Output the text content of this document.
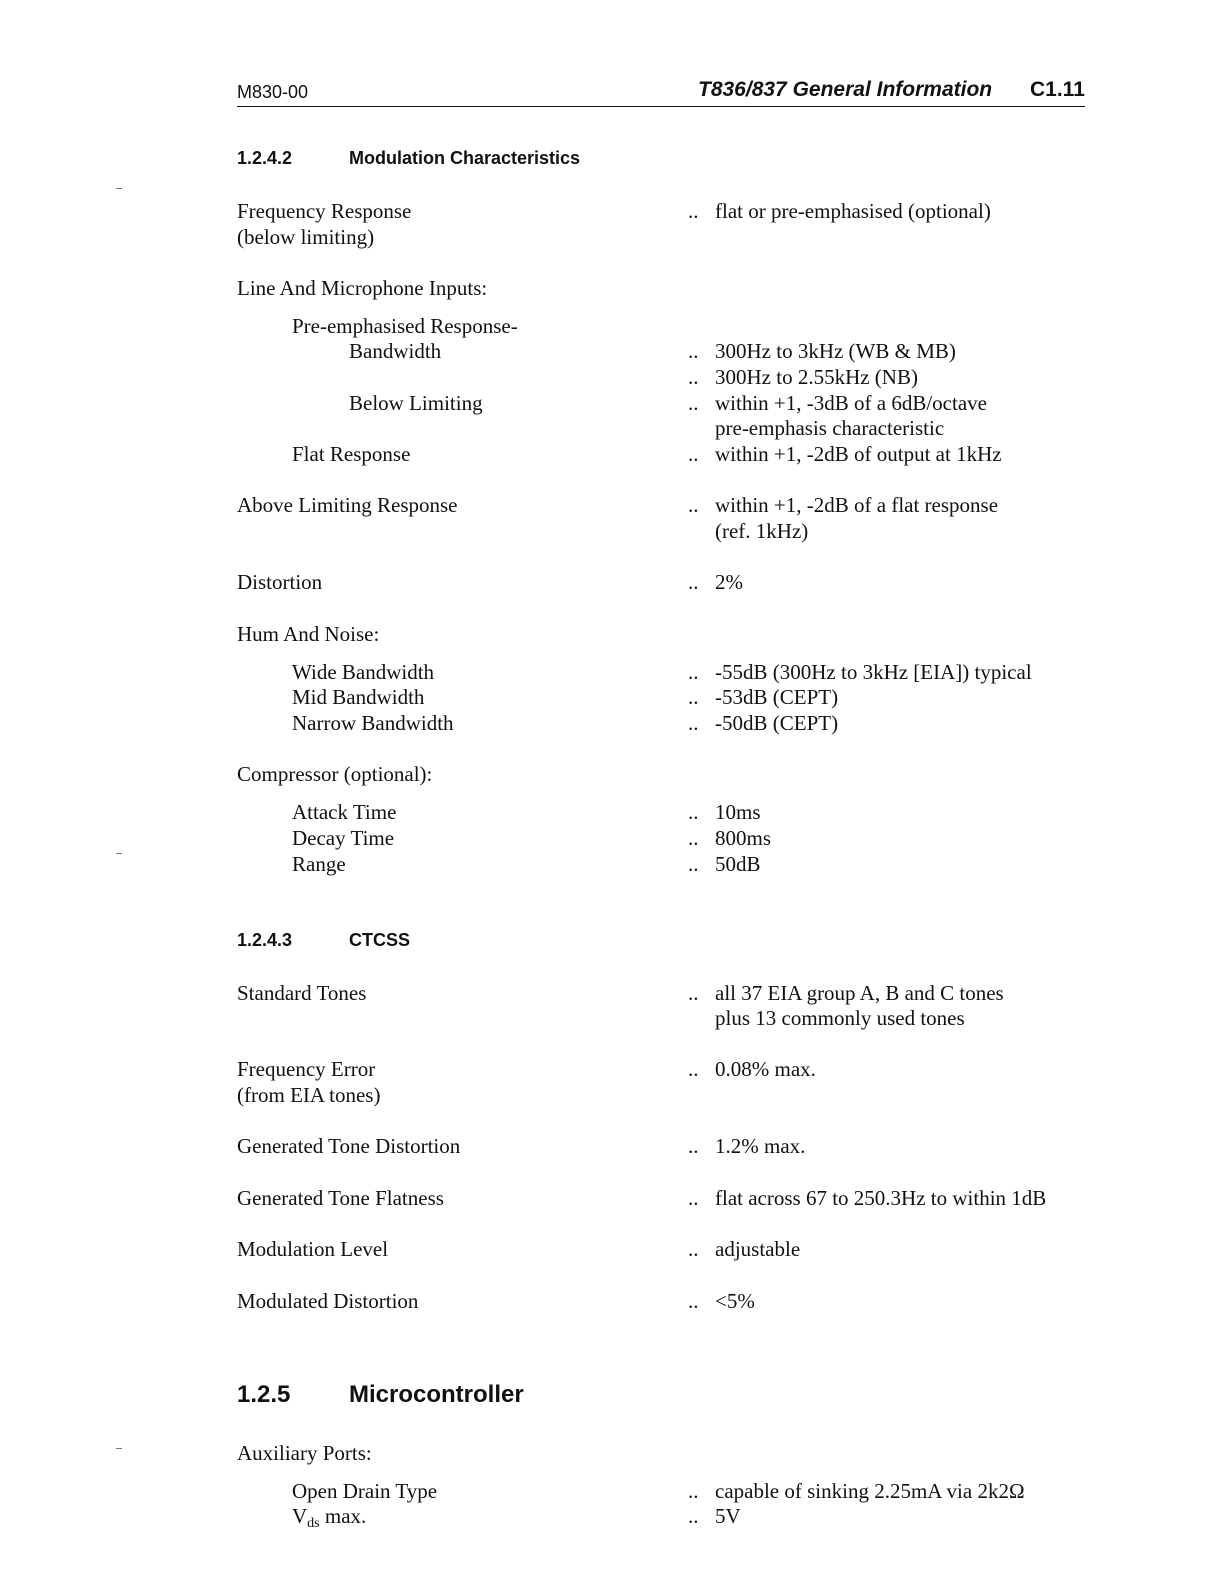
M830-00	T836/837 General Information C1.11
1.2.4.2	Modulation Characteristics
Frequency Response
(below limiting)
.. flat or pre-emphasised (optional)
Line And Microphone Inputs:
Pre-emphasised Response-
Bandwidth	.. 300Hz to 3kHz (WB & MB)
.. 300Hz to 2.55kHz (NB)
Below Limiting	.. within +1, -3dB of a 6dB/octave
pre-emphasis characteristic
Flat Response	.. within +1, -2dB of output at 1kHz
Above Limiting Response	.. within +1, -2dB of a flat response
(ref. 1kHz)
Distortion	.. 2%
Hum And Noise:
Wide Bandwidth	.. -55dB (300Hz to 3kHz [EIA]) typical
Mid Bandwidth	.. -53dB (CEPT)
Narrow Bandwidth	.. -50dB (CEPT)
Compressor (optional):
Attack Time	.. 10ms
Decay Time	.. 800ms
Range	.. 50dB
1.2.4.3	CTCSS
Standard Tones	.. all 37 EIA group A, B and C tones
plus 13 commonly used tones
Frequency Error
(from EIA tones)
.. 0.08% max.
Generated Tone Distortion	.. 1.2% max.
Generated Tone Flatness	.. flat across 67 to 250.3Hz to within 1dB
Modulation Level	.. adjustable
Modulated Distortion	.. <5%
1.2.5 Microcontroller
Auxiliary Ports:
Open Drain Type	.. capable of sinking 2.25mA via 2k2Ω
$V_{ds}$ max.	.. 5V
